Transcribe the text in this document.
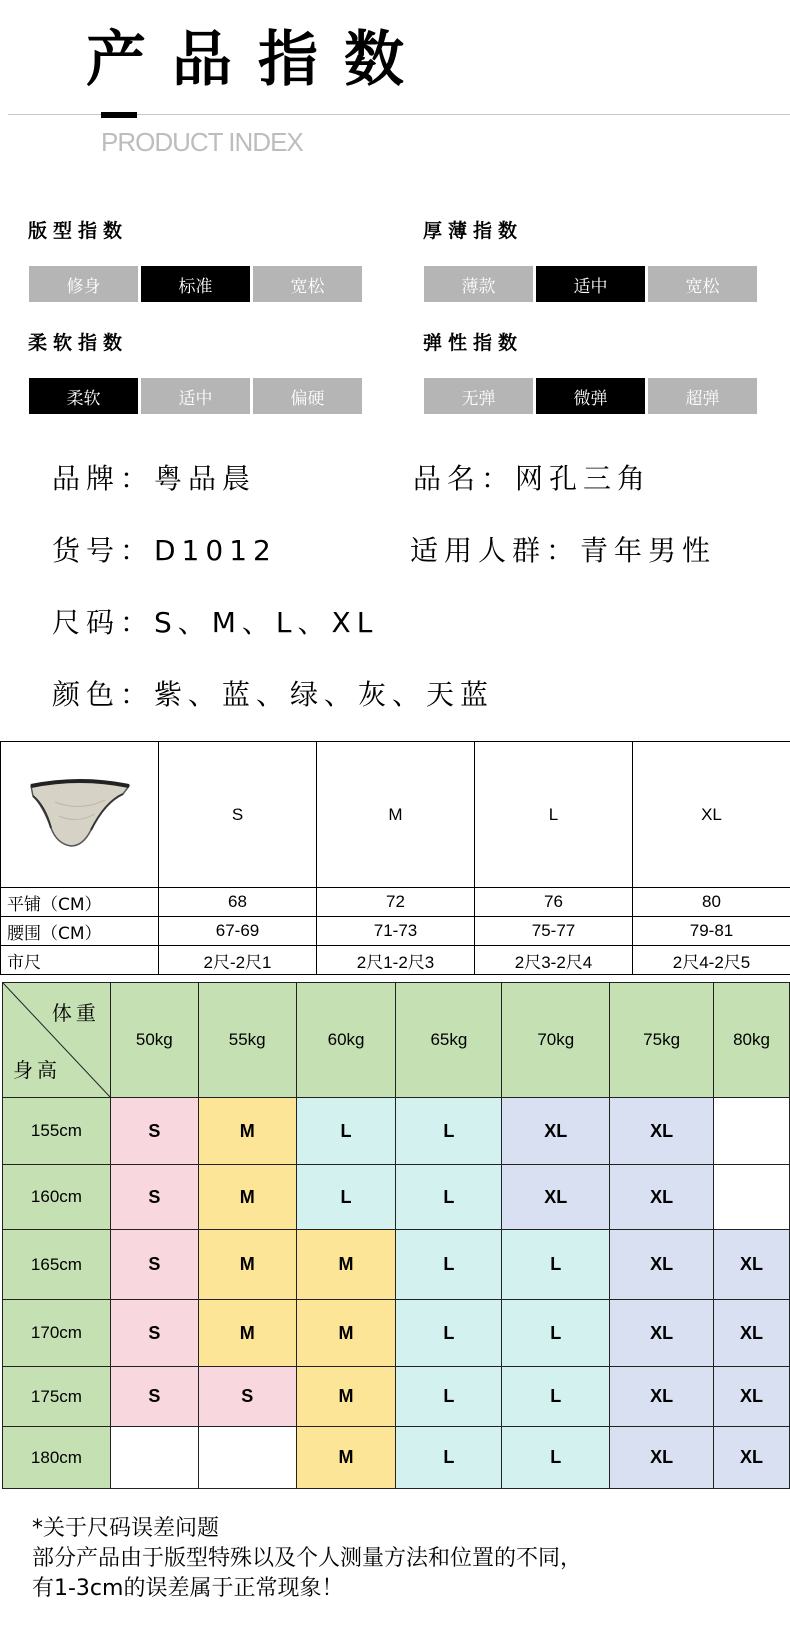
产品指数
PRODUCT INDEX
版型指数
修身	标准	宽松
厚薄指数
薄款	适中	宽松
柔软指数
柔软	适中	偏硬
弹性指数
无弹	微弹	超弹
品牌：粤品晨	品名：网孔三角
货号：D1012	适用人群：青年男性
尺码：S、M、L、XL
颜色：紫、蓝、绿、灰、天蓝
	S	M	L	XL
平铺（CM）	68	72	76	80
腰围（CM）	67-69	71-73	75-77	79-81
市尺	2尺-2尺1	2尺1-2尺3	2尺3-2尺4	2尺4-2尺5
体重
身高	50kg	55kg	60kg	65kg	70kg	75kg	80kg
155cm	S	M	L	L	XL	XL	
160cm	S	M	L	L	XL	XL	
165cm	S	M	M	L	L	XL	XL
170cm	S	M	M	L	L	XL	XL
175cm	S	S	M	L	L	XL	XL
180cm			M	L	L	XL	XL
*关于尺码误差问题
部分产品由于版型特殊以及个人测量方法和位置的不同，
有1-3cm的误差属于正常现象！
